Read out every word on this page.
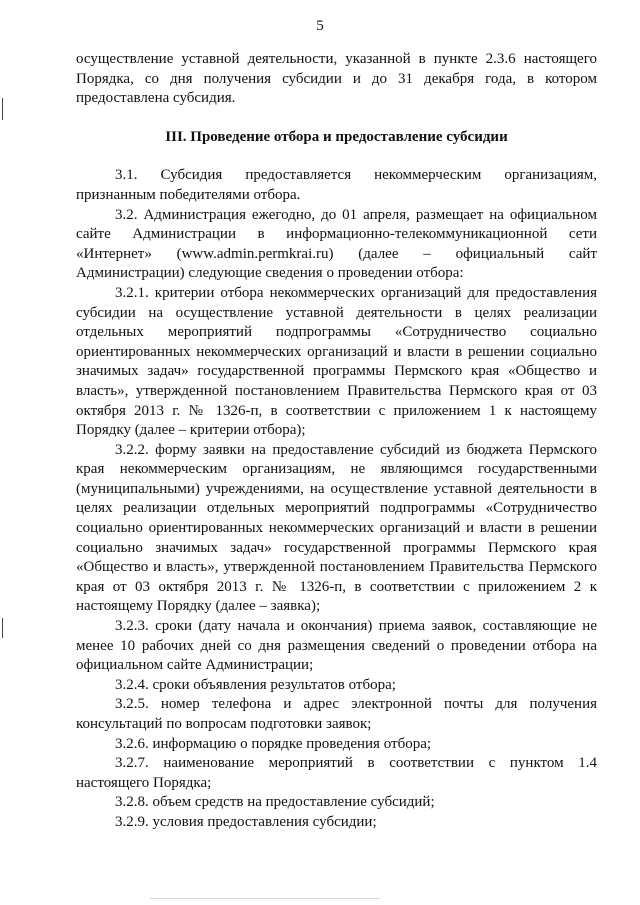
5

осуществление уставной деятельности, указанной в пункте 2.3.6 настоящего Порядка, со дня получения субсидии и до 31 декабря года, в котором предоставлена субсидия.

III. Проведение отбора и предоставление субсидии

3.1. Субсидия предоставляется некоммерческим организациям, признанным победителями отбора.

3.2. Администрация ежегодно, до 01 апреля, размещает на официальном сайте Администрации в информационно-телекоммуникационной сети «Интернет» (www.admin.permkrai.ru) (далее – официальный сайт Администрации) следующие сведения о проведении отбора:

3.2.1. критерии отбора некоммерческих организаций для предоставления субсидии на осуществление уставной деятельности в целях реализации отдельных мероприятий подпрограммы «Сотрудничество социально ориентированных некоммерческих организаций и власти в решении социально значимых задач» государственной программы Пермского края «Общество и власть», утвержденной постановлением Правительства Пермского края от 03 октября 2013 г. № 1326-п, в соответствии с приложением 1 к настоящему Порядку (далее – критерии отбора);

3.2.2. форму заявки на предоставление субсидий из бюджета Пермского края некоммерческим организациям, не являющимся государственными (муниципальными) учреждениями, на осуществление уставной деятельности в целях реализации отдельных мероприятий подпрограммы «Сотрудничество социально ориентированных некоммерческих организаций и власти в решении социально значимых задач» государственной программы Пермского края «Общество и власть», утвержденной постановлением Правительства Пермского края от 03 октября 2013 г. № 1326-п, в соответствии с приложением 2 к настоящему Порядку (далее – заявка);

3.2.3. сроки (дату начала и окончания) приема заявок, составляющие не менее 10 рабочих дней со дня размещения сведений о проведении отбора на официальном сайте Администрации;

3.2.4. сроки объявления результатов отбора;

3.2.5. номер телефона и адрес электронной почты для получения консультаций по вопросам подготовки заявок;

3.2.6. информацию о порядке проведения отбора;

3.2.7. наименование мероприятий в соответствии с пунктом 1.4 настоящего Порядка;

3.2.8. объем средств на предоставление субсидий;

3.2.9. условия предоставления субсидии;
